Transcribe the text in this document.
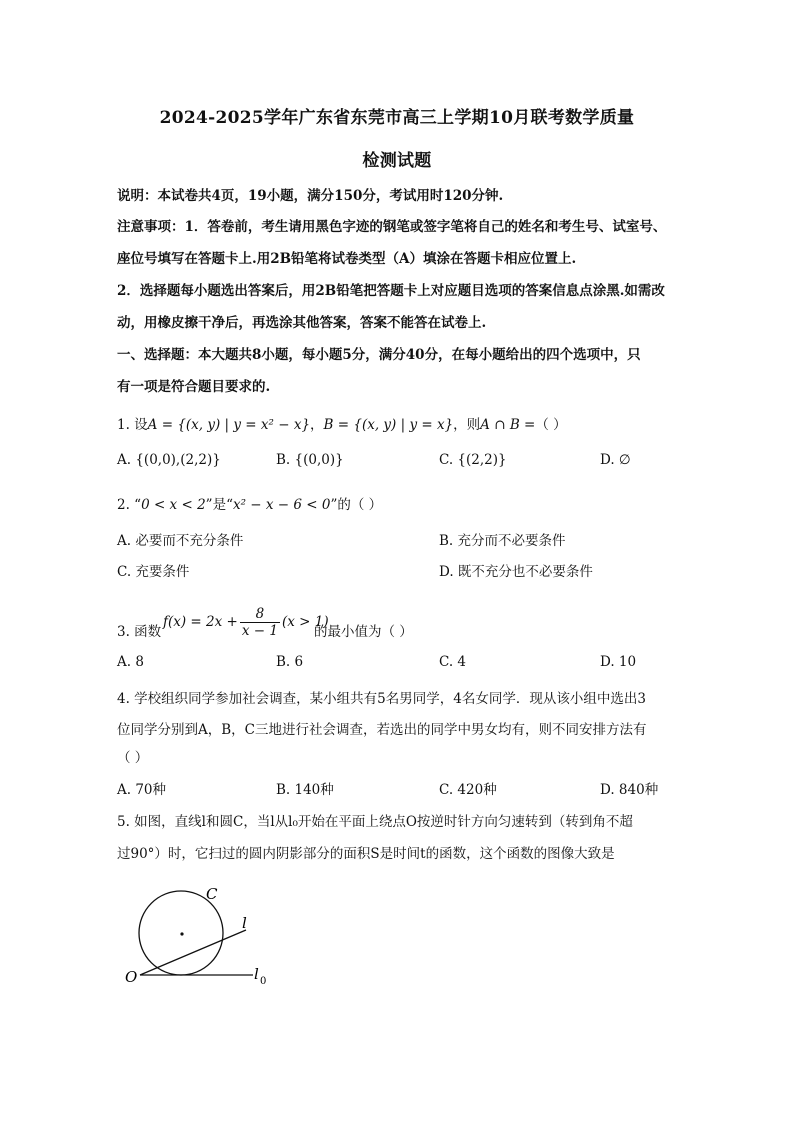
2024-2025学年广东省东莞市高三上学期10月联考数学质量
检测试题
说明：本试卷共4页，19小题，满分150分，考试用时120分钟.
注意事项：1．答卷前，考生请用黑色字迹的钢笔或签字笔将自己的姓名和考生号、试室号、
座位号填写在答题卡上.用2B铅笔将试卷类型（A）填涂在答题卡相应位置上.
2．选择题每小题选出答案后，用2B铅笔把答题卡上对应题目选项的答案信息点涂黑.如需改
动，用橡皮擦干净后，再选涂其他答案，答案不能答在试卷上.
一、选择题：本大题共8小题，每小题5分，满分40分，在每小题给出的四个选项中，只
有一项是符合题目要求的.
1. 设A = {(x, y) | y = x² − x}，B = {(x, y) | y = x}，则A ∩ B =（ ）
A. {(0,0),(2,2)}	B. {(0,0)}	C. {(2,2)}	D. ∅
2. “0 < x < 2”是“x² − x − 6 < 0”的（ ）
A. 必要而不充分条件	B. 充分而不必要条件
C. 充要条件	D. 既不充分也不必要条件
3. 函数
$f(x) = 2x + \frac{8}{x - 1} (x > 1)$
的最小值为（ ）
A. 8	B. 6	C. 4	D. 10
4. 学校组织同学参加社会调查，某小组共有5名男同学，4名女同学．现从该小组中选出3
位同学分别到A，B，C三地进行社会调查，若选出的同学中男女均有，则不同安排方法有
（ ）
A. 70种	B. 140种	C. 420种	D. 840种
5. 如图，直线l和圆C，当l从l₀开始在平面上绕点O按逆时针方向匀速转到（转到角不超
过90°）时，它扫过的圆内阴影部分的面积S是时间t的函数，这个函数的图像大致是
C
l
O	l 0
